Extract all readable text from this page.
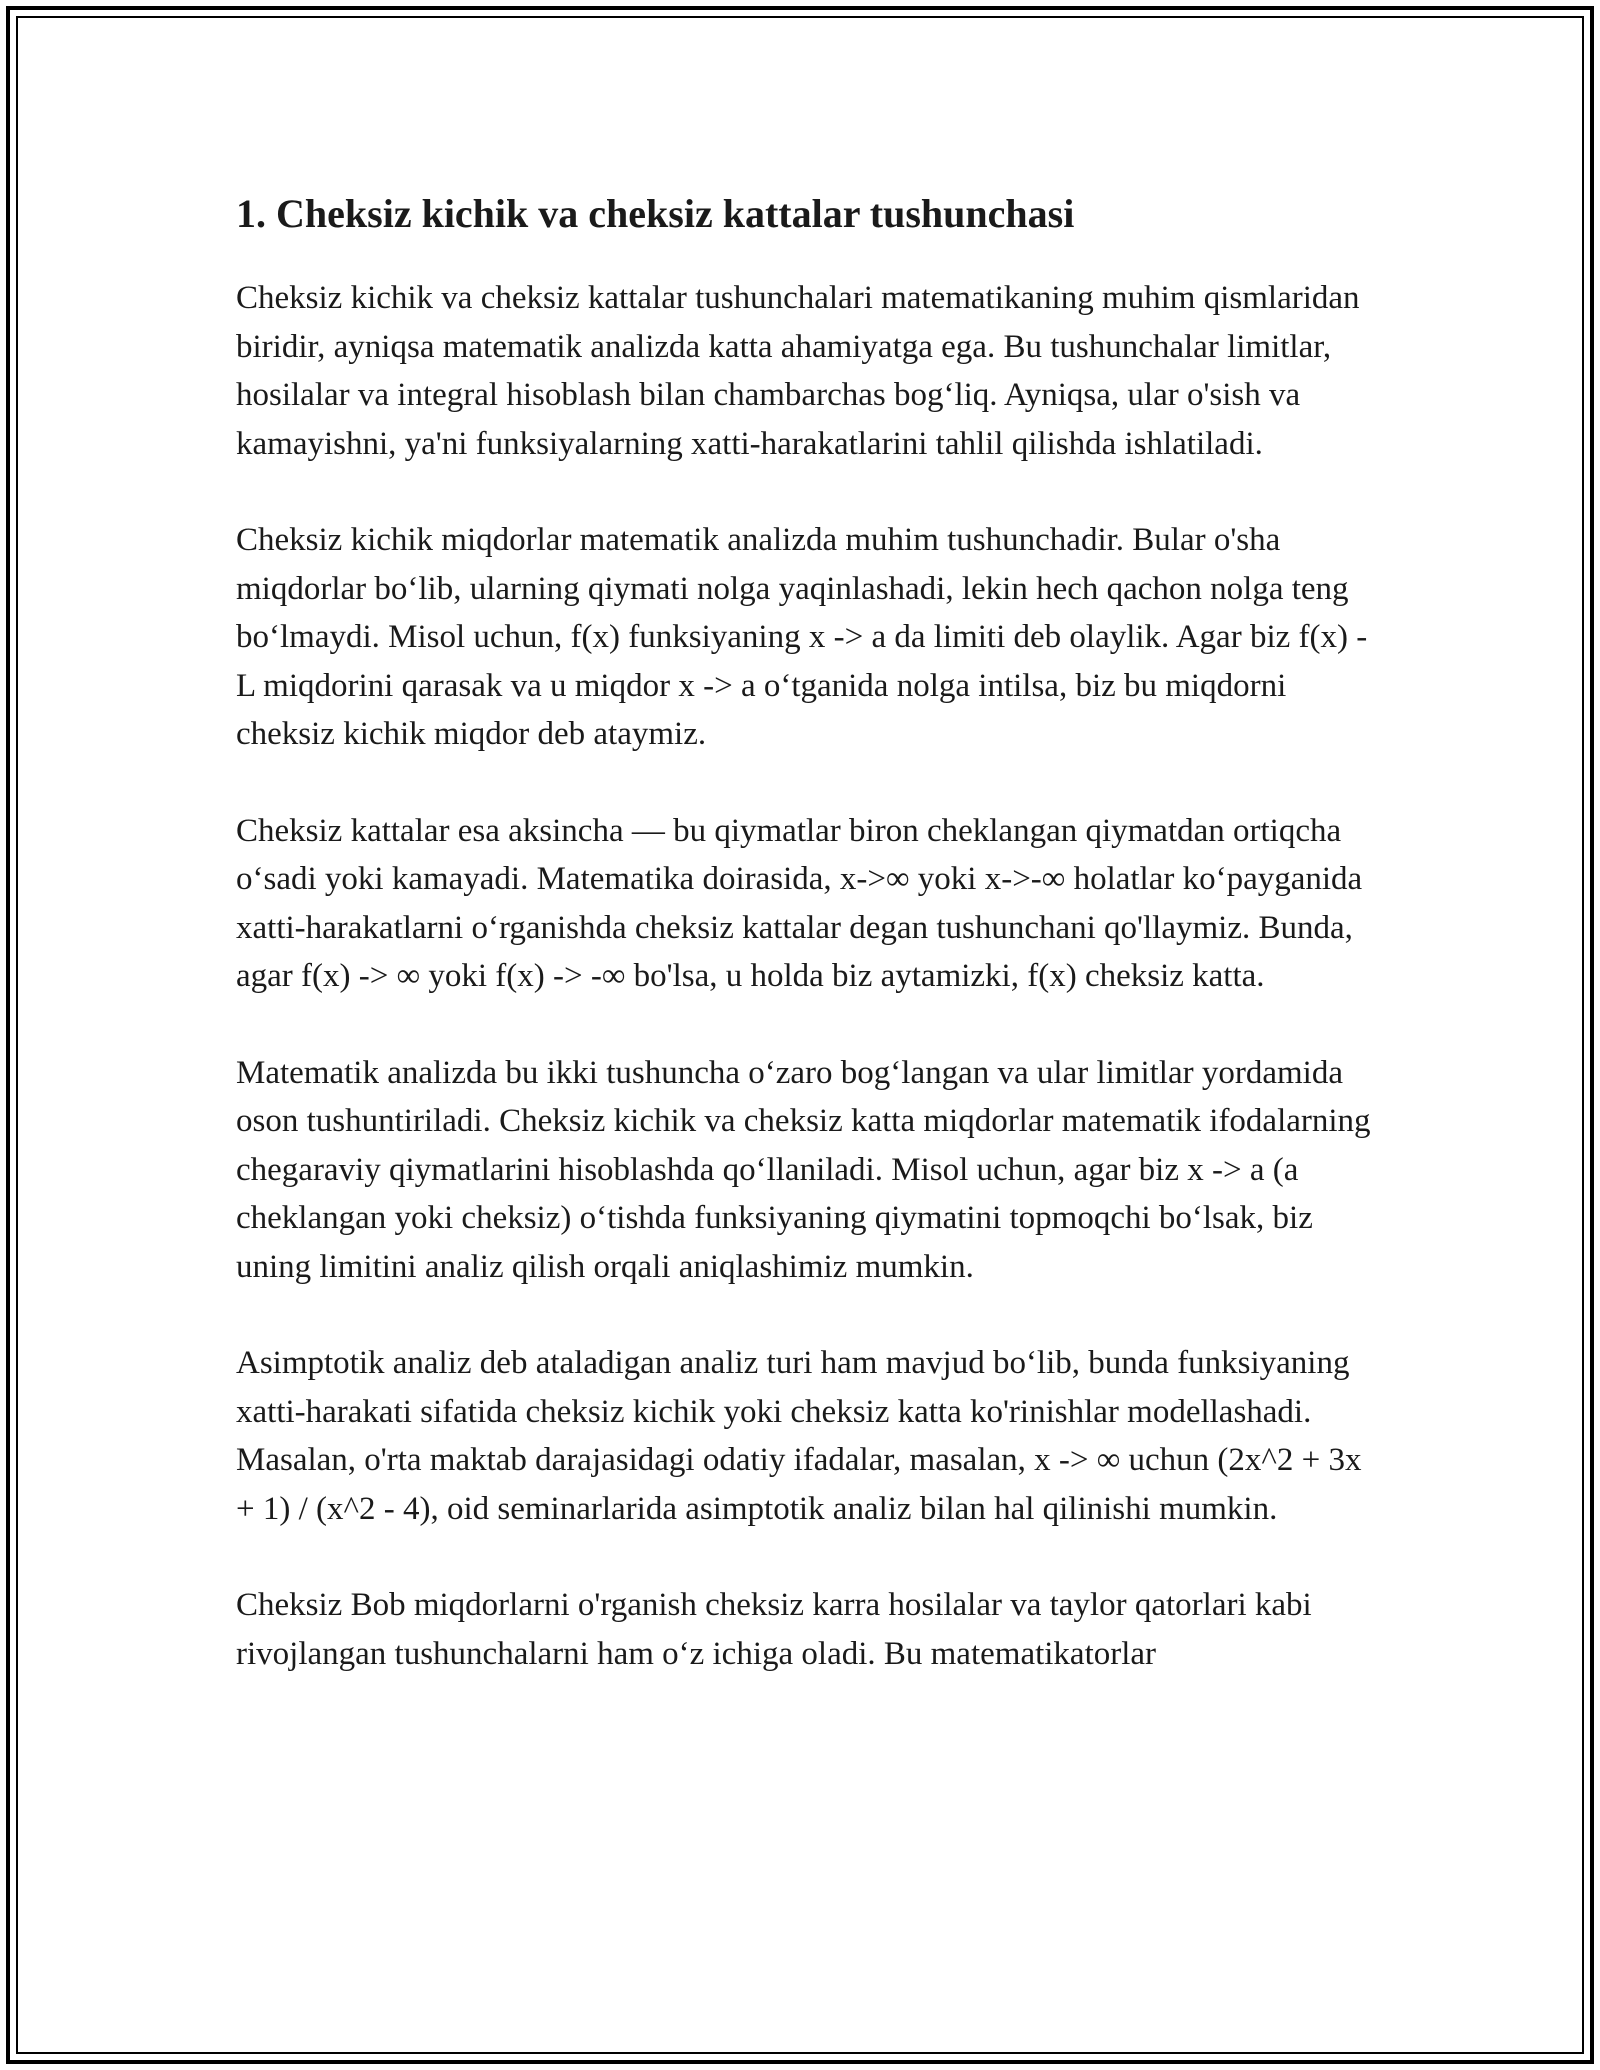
1. Cheksiz kichik va cheksiz kattalar tushunchasi

Cheksiz kichik va cheksiz kattalar tushunchalari matematikaning muhim qismlaridan biridir, ayniqsa matematik analizda katta ahamiyatga ega. Bu tushunchalar limitlar, hosilalar va integral hisoblash bilan chambarchas bog‘liq. Ayniqsa, ular o'sish va kamayishni, ya'ni funksiyalarning xatti-harakatlarini tahlil qilishda ishlatiladi.

Cheksiz kichik miqdorlar matematik analizda muhim tushunchadir. Bular o'sha miqdorlar bo‘lib, ularning qiymati nolga yaqinlashadi, lekin hech qachon nolga teng bo‘lmaydi. Misol uchun, f(x) funksiyaning x -> a da limiti deb olaylik. Agar biz f(x) - L miqdorini qarasak va u miqdor x -> a o‘tganida nolga intilsa, biz bu miqdorni cheksiz kichik miqdor deb ataymiz.

Cheksiz kattalar esa aksincha — bu qiymatlar biron cheklangan qiymatdan ortiqcha o‘sadi yoki kamayadi. Matematika doirasida, x->∞ yoki x->-∞ holatlar ko‘payganida xatti-harakatlarni o‘rganishda cheksiz kattalar degan tushunchani qo'llaymiz. Bunda, agar f(x) -> ∞ yoki f(x) -> -∞ bo'lsa, u holda biz aytamizki, f(x) cheksiz katta.

Matematik analizda bu ikki tushuncha o‘zaro bog‘langan va ular limitlar yordamida oson tushuntiriladi. Cheksiz kichik va cheksiz katta miqdorlar matematik ifodalarning chegaraviy qiymatlarini hisoblashda qo‘llaniladi. Misol uchun, agar biz x -> a (a cheklangan yoki cheksiz) o‘tishda funksiyaning qiymatini topmoqchi bo‘lsak, biz uning limitini analiz qilish orqali aniqlashimiz mumkin.

Asimptotik analiz deb ataladigan analiz turi ham mavjud bo‘lib, bunda funksiyaning xatti-harakati sifatida cheksiz kichik yoki cheksiz katta ko'rinishlar modellashadi. Masalan, o'rta maktab darajasidagi odatiy ifadalar, masalan, x -> ∞ uchun (2x^2 + 3x + 1) / (x^2 - 4), oid seminarlarida asimptotik analiz bilan hal qilinishi mumkin.

Cheksiz Bob miqdorlarni o'rganish cheksiz karra hosilalar va taylor qatorlari kabi rivojlangan tushunchalarni ham o‘z ichiga oladi. Bu matematikatorlar
